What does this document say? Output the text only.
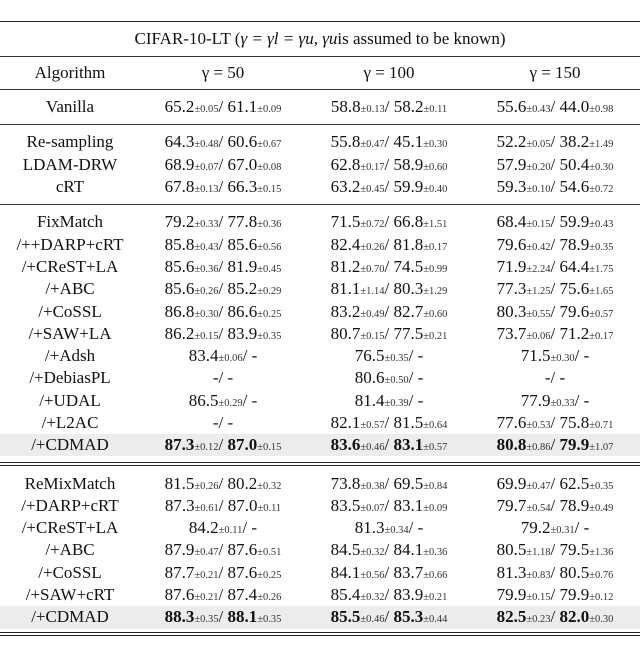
CIFAR-10-LT ( γ = γl = γu, γu is assumed to be known)
Algorithm	γ = 50	γ = 100	γ = 150
Vanilla	65.2±0.05/ 61.1±0.09	58.8±0.13/ 58.2±0.11	55.6±0.43/ 44.0±0.98
Re-sampling	64.3±0.48/ 60.6±0.67	55.8±0.47/ 45.1±0.30	52.2±0.05/ 38.2±1.49
LDAM-DRW	68.9±0.07/ 67.0±0.08	62.8±0.17/ 58.9±0.60	57.9±0.20/ 50.4±0.30
cRT	67.8±0.13/ 66.3±0.15	63.2±0.45/ 59.9±0.40	59.3±0.10/ 54.6±0.72
FixMatch	79.2±0.33/ 77.8±0.36	71.5±0.72/ 66.8±1.51	68.4±0.15/ 59.9±0.43
/++DARP+cRT	85.8±0.43/ 85.6±0.56	82.4±0.26/ 81.8±0.17	79.6±0.42/ 78.9±0.35
/+CReST+LA	85.6±0.36/ 81.9±0.45	81.2±0.70/ 74.5±0.99	71.9±2.24/ 64.4±1.75
/+ABC	85.6±0.26/ 85.2±0.29	81.1±1.14/ 80.3±1.29	77.3±1.25/ 75.6±1.65
/+CoSSL	86.8±0.30/ 86.6±0.25	83.2±0.49/ 82.7±0.60	80.3±0.55/ 79.6±0.57
/+SAW+LA	86.2±0.15/ 83.9±0.35	80.7±0.15/ 77.5±0.21	73.7±0.06/ 71.2±0.17
/+Adsh	83.4±0.06/ -	76.5±0.35/ -	71.5±0.30/ -
/+DebiasPL	-/ -	80.6±0.50/ -	-/ -
/+UDAL	86.5±0.29/ -	81.4±0.39/ -	77.9±0.33/ -
/+L2AC	-/ -	82.1±0.57/ 81.5±0.64	77.6±0.53/ 75.8±0.71
/+CDMAD	87.3±0.12/ 87.0±0.15	83.6±0.46/ 83.1±0.57	80.8±0.86/ 79.9±1.07
ReMixMatch	81.5±0.26/ 80.2±0.32	73.8±0.38/ 69.5±0.84	69.9±0.47/ 62.5±0.35
/+DARP+cRT	87.3±0.61/ 87.0±0.11	83.5±0.07/ 83.1±0.09	79.7±0.54/ 78.9±0.49
/+CReST+LA	84.2±0.11/ -	81.3±0.34/ -	79.2±0.31/ -
/+ABC	87.9±0.47/ 87.6±0.51	84.5±0.32/ 84.1±0.36	80.5±1.18/ 79.5±1.36
/+CoSSL	87.7±0.21/ 87.6±0.25	84.1±0.56/ 83.7±0.66	81.3±0.83/ 80.5±0.76
/+SAW+cRT	87.6±0.21/ 87.4±0.26	85.4±0.32/ 83.9±0.21	79.9±0.15/ 79.9±0.12
/+CDMAD	88.3±0.35/ 88.1±0.35	85.5±0.46/ 85.3±0.44	82.5±0.23/ 82.0±0.30
